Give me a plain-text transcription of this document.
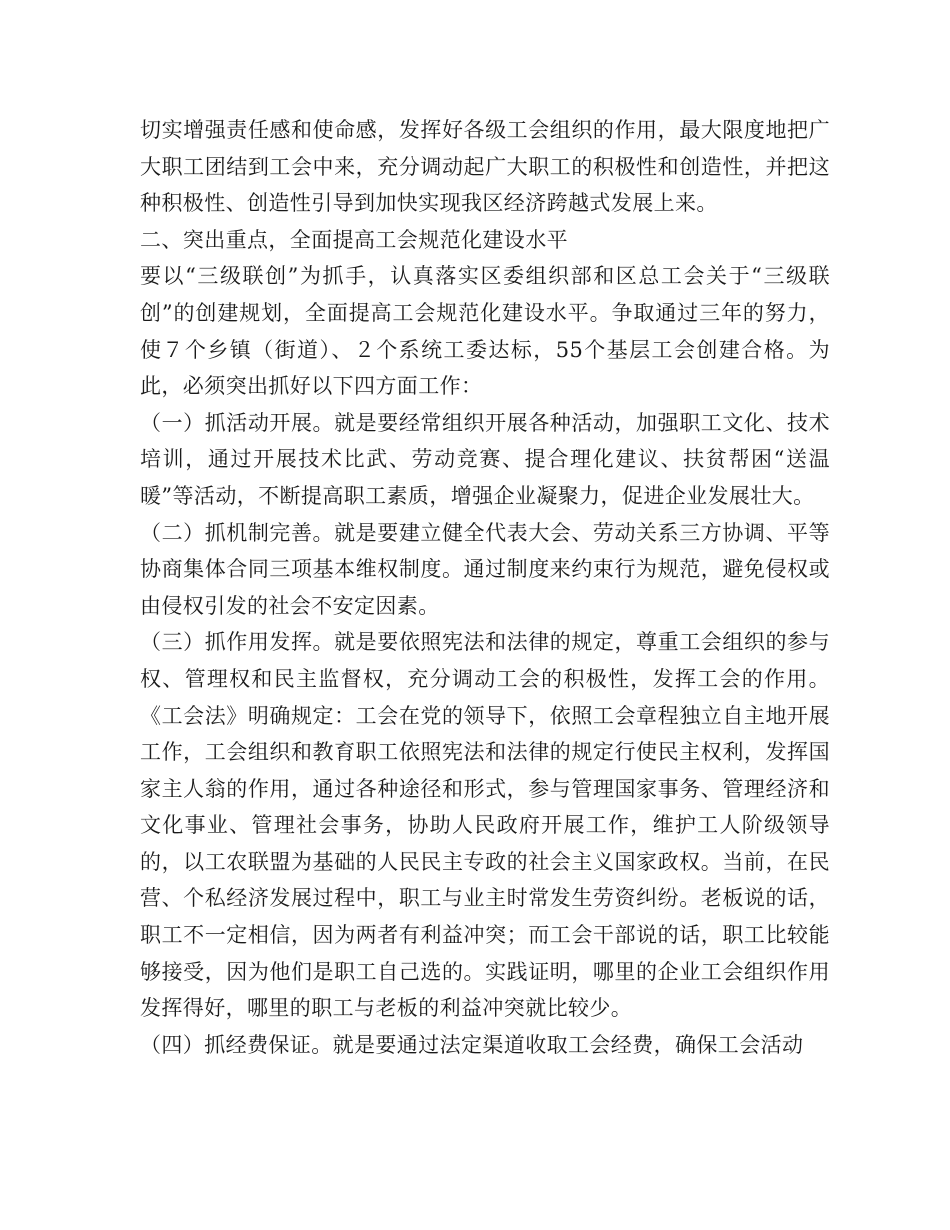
切实增强责任感和使命感，发挥好各级工会组织的作用，最大限度地把广大职工团结到工会中来，充分调动起广大职工的积极性和创造性，并把这种积极性、创造性引导到加快实现我区经济跨越式发展上来。

二、突出重点，全面提高工会规范化建设水平

要以“三级联创”为抓手，认真落实区委组织部和区总工会关于“三级联创”的创建规划，全面提高工会规范化建设水平。争取通过三年的努力，使７个乡镇（街道）、２个系统工委达标，55个基层工会创建合格。为此，必须突出抓好以下四方面工作：

（一）抓活动开展。就是要经常组织开展各种活动，加强职工文化、技术培训，通过开展技术比武、劳动竞赛、提合理化建议、扶贫帮困“送温暖”等活动，不断提高职工素质，增强企业凝聚力，促进企业发展壮大。

（二）抓机制完善。就是要建立健全代表大会、劳动关系三方协调、平等协商集体合同三项基本维权制度。通过制度来约束行为规范，避免侵权或由侵权引发的社会不安定因素。

（三）抓作用发挥。就是要依照宪法和法律的规定，尊重工会组织的参与权、管理权和民主监督权，充分调动工会的积极性，发挥工会的作用。《工会法》明确规定：工会在党的领导下，依照工会章程独立自主地开展工作，工会组织和教育职工依照宪法和法律的规定行使民主权利，发挥国家主人翁的作用，通过各种途径和形式，参与管理国家事务、管理经济和文化事业、管理社会事务，协助人民政府开展工作，维护工人阶级领导的，以工农联盟为基础的人民民主专政的社会主义国家政权。当前，在民营、个私经济发展过程中，职工与业主时常发生劳资纠纷。老板说的话，职工不一定相信，因为两者有利益冲突；而工会干部说的话，职工比较能够接受，因为他们是职工自己选的。实践证明，哪里的企业工会组织作用发挥得好，哪里的职工与老板的利益冲突就比较少。

（四）抓经费保证。就是要通过法定渠道收取工会经费，确保工会活动
